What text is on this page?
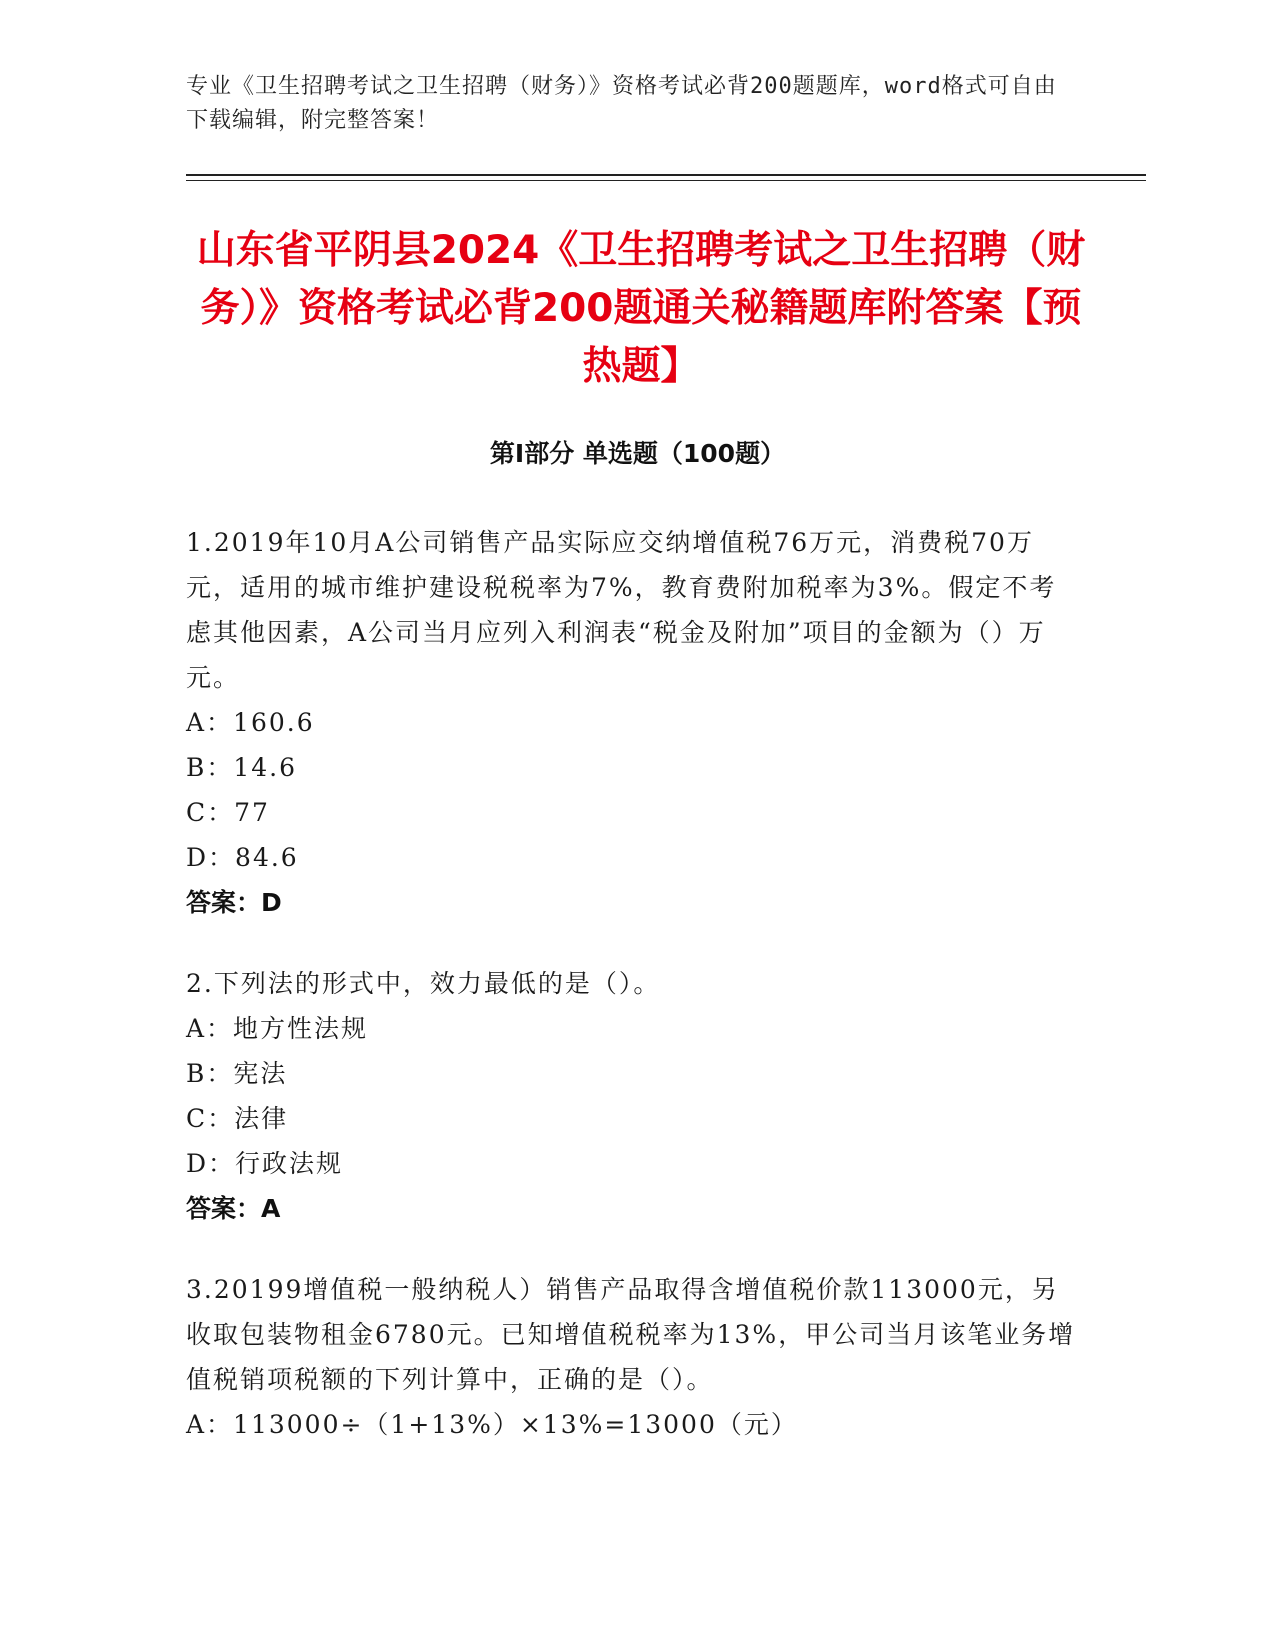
专业《卫生招聘考试之卫生招聘（财务）》资格考试必背200题题库，word格式可自由下载编辑，附完整答案！
山东省平阴县2024《卫生招聘考试之卫生招聘（财务）》资格考试必背200题通关秘籍题库附答案【预热题】
第Ⅰ部分 单选题（100题）
1.2019年10月A公司销售产品实际应交纳增值税76万元，消费税70万元，适用的城市维护建设税税率为7%，教育费附加税率为3%。假定不考虑其他因素，A公司当月应列入利润表“税金及附加”项目的金额为（）万元。
A：160.6
B：14.6
C：77
D：84.6
答案：D
2.下列法的形式中，效力最低的是（）。
A：地方性法规
B：宪法
C：法律
D：行政法规
答案：A
3.20199增值税一般纳税人）销售产品取得含增值税价款113000元，另收取包装物租金6780元。已知增值税税率为13%，甲公司当月该笔业务增值税销项税额的下列计算中，正确的是（）。
A：113000÷（1+13%）×13%=13000（元）
